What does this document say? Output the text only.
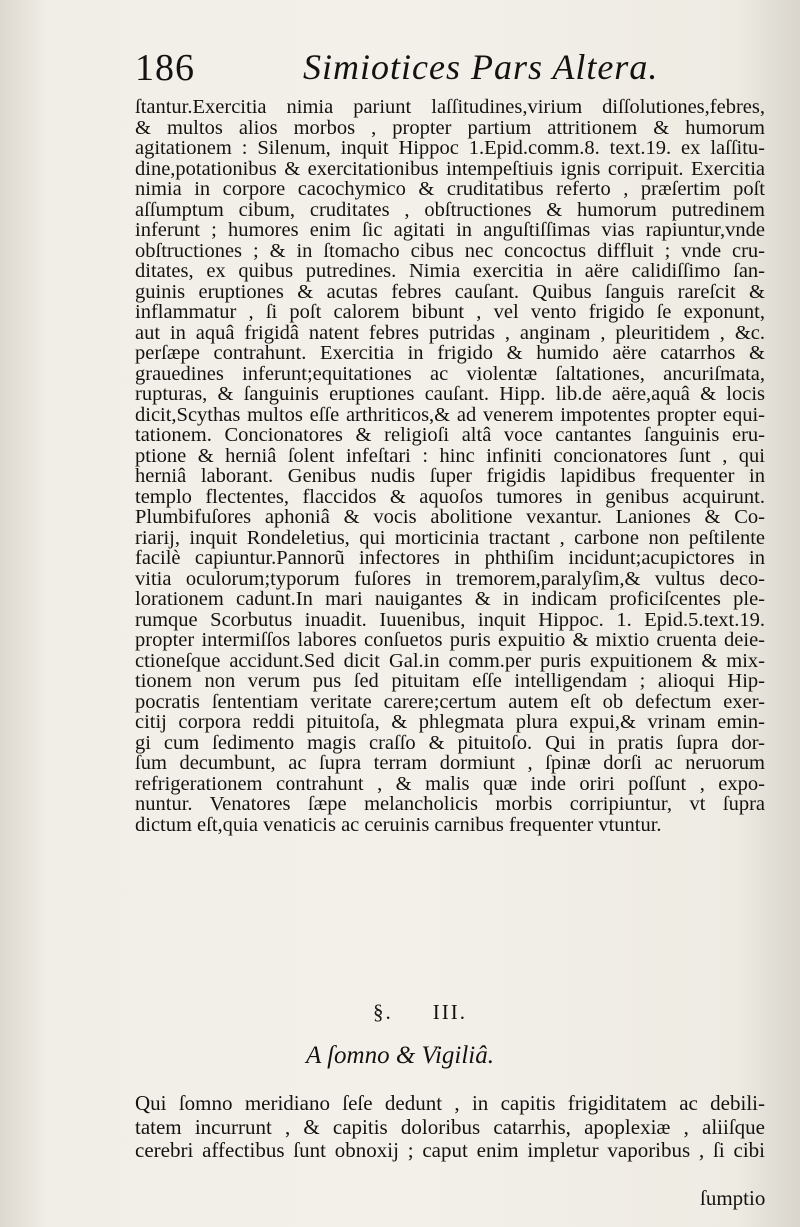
186	Simiotices Pars Altera.
ſtantur.Exercitia nimia pariunt laſſitudines,virium diſſolutiones,febres,
& multos alios morbos , propter partium attritionem & humorum
agitationem : Silenum, inquit Hippoc 1.Epid.comm.8. text.19. ex laſſitu-
dine,potationibus & exercitationibus intempeſtiuis ignis corripuit. Exercitia
nimia in corpore cacochymico & cruditatibus referto , præſertim poſt
aſſumptum cibum, cruditates , obſtructiones & humorum putredinem
inferunt ; humores enim ſic agitati in anguſtiſſimas vias rapiuntur,vnde
obſtructiones ; & in ſtomacho cibus nec concoctus diffluit ; vnde cru-
ditates, ex quibus putredines. Nimia exercitia in aëre calidiſſimo ſan-
guinis eruptiones & acutas febres cauſant. Quibus ſanguis rareſcit &
inflammatur , ſi poſt calorem bibunt , vel vento frigido ſe exponunt,
aut in aquâ frigidâ natent febres putridas , anginam , pleuritidem , &c.
perſæpe contrahunt. Exercitia in frigido & humido aëre catarrhos &
grauedines inferunt;equitationes ac violentæ ſaltationes, ancuriſmata,
rupturas, & ſanguinis eruptiones cauſant. Hipp. lib.de aëre,aquâ & locis
dicit,Scythas multos eſſe arthriticos,& ad venerem impotentes propter equi-
tationem. Concionatores & religioſi altâ voce cantantes ſanguinis eru-
ptione & herniâ ſolent infeſtari : hinc infiniti concionatores ſunt , qui
herniâ laborant. Genibus nudis ſuper frigidis lapidibus frequenter in
templo flectentes, flaccidos & aquoſos tumores in genibus acquirunt.
Plumbifuſores aphoniâ & vocis abolitione vexantur. Laniones & Co-
riarij, inquit Rondeletius, qui morticinia tractant , carbone non peſtilente
facilè capiuntur.Pannorũ infectores in phthiſim incidunt;acupictores in
vitia oculorum;typorum fuſores in tremorem,paralyſim,& vultus deco-
lorationem cadunt.In mari nauigantes & in indicam proficiſcentes ple-
rumque Scorbutus inuadit. Iuuenibus, inquit Hippoc. 1. Epid.5.text.19.
propter intermiſſos labores conſuetos puris expuitio & mixtio cruenta deie-
ctioneſque accidunt.Sed dicit Gal.in comm.per puris expuitionem & mix-
tionem non verum pus ſed pituitam eſſe intelligendam ; alioqui Hip-
pocratis ſententiam veritate carere;certum autem eſt ob defectum exer-
citij corpora reddi pituitoſa, & phlegmata plura expui,& vrinam emin-
gi cum ſedimento magis craſſo & pituitoſo. Qui in pratis ſupra dor-
ſum decumbunt, ac ſupra terram dormiunt , ſpinæ dorſi ac neruorum
refrigerationem contrahunt , & malis quæ inde oriri poſſunt , expo-
nuntur. Venatores ſæpe melancholicis morbis corripiuntur, vt ſupra
dictum eſt,quia venaticis ac ceruinis carnibus frequenter vtuntur.
§. III.
A ſomno & Vigiliâ.
Qui ſomno meridiano ſeſe dedunt , in capitis frigiditatem ac debili-
tatem incurrunt , & capitis doloribus catarrhis, apoplexiæ , aliiſque
cerebri affectibus ſunt obnoxij ; caput enim impletur vaporibus , ſi cibi
ſumptio
